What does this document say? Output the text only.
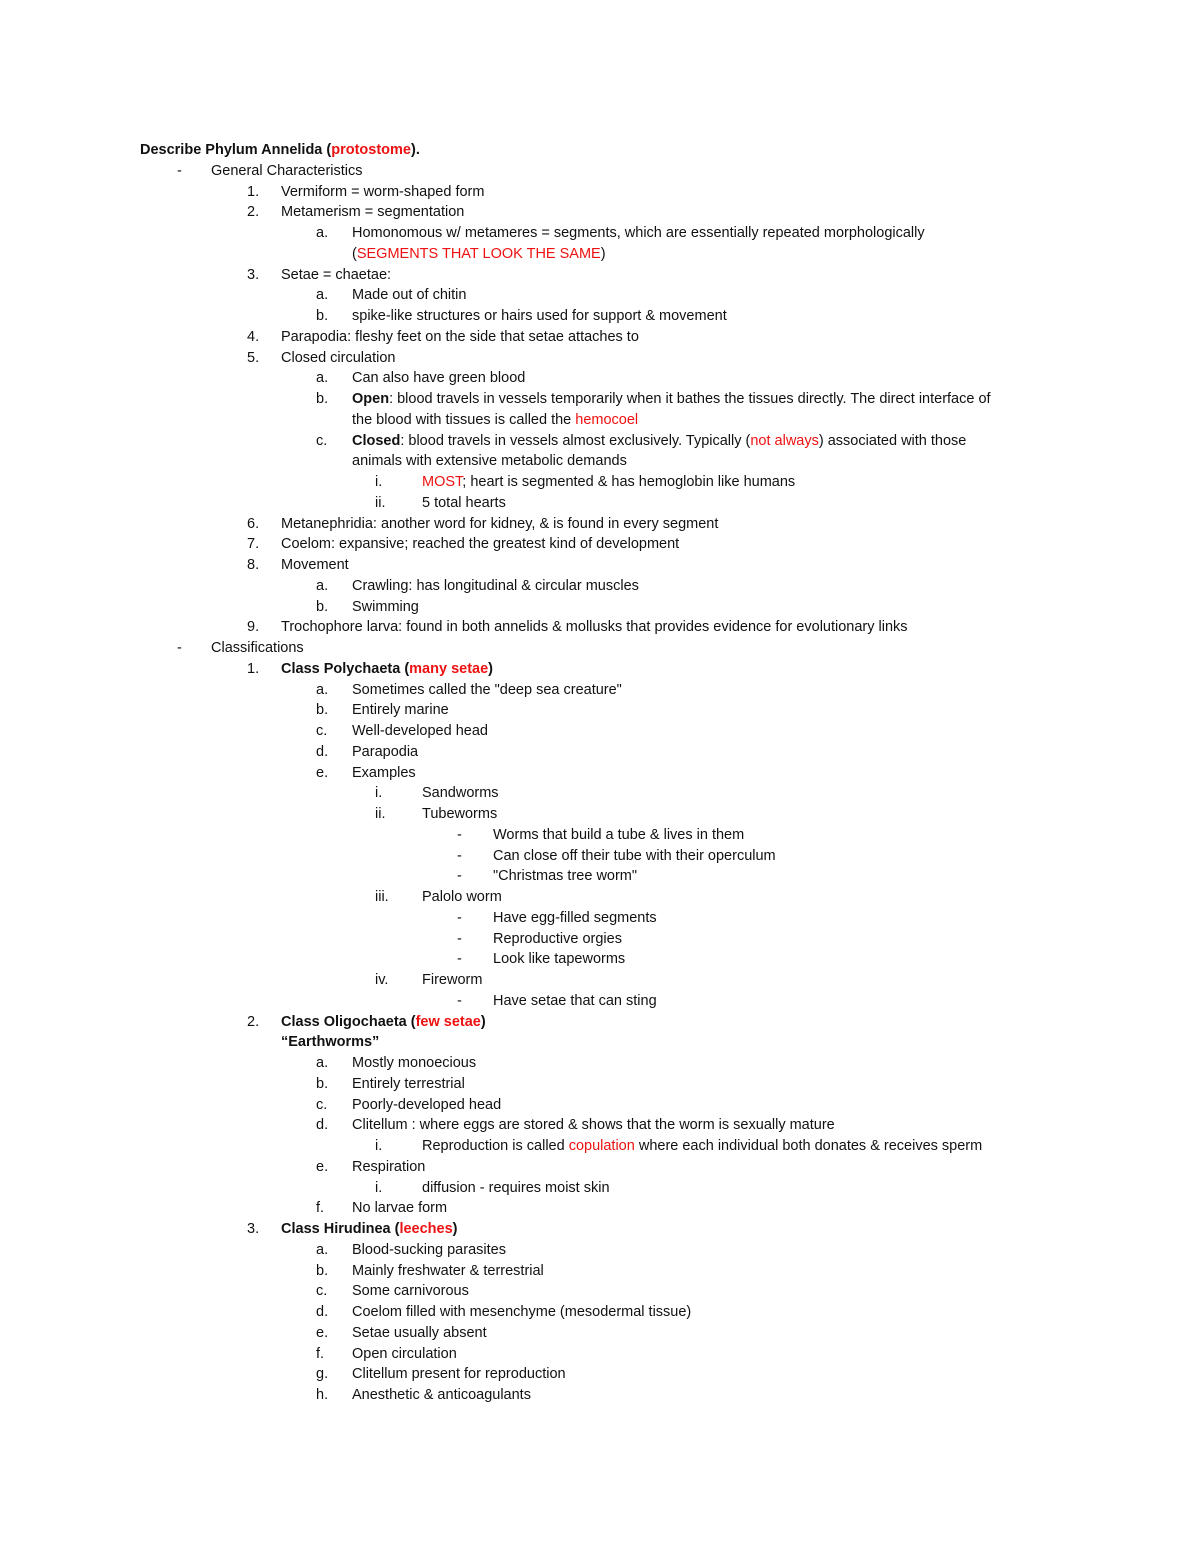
Describe Phylum Annelida (protostome).
- General Characteristics
1. Vermiform = worm-shaped form
2. Metamerism = segmentation
a. Homonomous w/ metameres = segments, which are essentially repeated morphologically
(SEGMENTS THAT LOOK THE SAME)
3. Setae = chaetae:
a. Made out of chitin
b. spike-like structures or hairs used for support & movement
4. Parapodia: fleshy feet on the side that setae attaches to
5. Closed circulation
a. Can also have green blood
b. Open: blood travels in vessels temporarily when it bathes the tissues directly. The direct interface of
the blood with tissues is called the hemocoel
c. Closed: blood travels in vessels almost exclusively. Typically (not always) associated with those
animals with extensive metabolic demands
i.	MOST; heart is segmented & has hemoglobin like humans
ii.	5 total hearts
6. Metanephridia: another word for kidney, & is found in every segment
7. Coelom: expansive; reached the greatest kind of development
8. Movement
a. Crawling: has longitudinal & circular muscles
b. Swimming
9. Trochophore larva: found in both annelids & mollusks that provides evidence for evolutionary links
- Classifications
1. Class Polychaeta (many setae)
a. Sometimes called the "deep sea creature"
b. Entirely marine
c. Well-developed head
d. Parapodia
e. Examples
i.	Sandworms
ii.	Tubeworms
- Worms that build a tube & lives in them
- Can close off their tube with their operculum
- "Christmas tree worm"
iii. Palolo worm
- Have egg-filled segments
- Reproductive orgies
- Look like tapeworms
iv. Fireworm
- Have setae that can sting
2. Class Oligochaeta (few setae)
“Earthworms”
a. Mostly monoecious
b. Entirely terrestrial
c. Poorly-developed head
d. Clitellum : where eggs are stored & shows that the worm is sexually mature
i.	Reproduction is called copulation where each individual both donates & receives sperm
e. Respiration
i.	diffusion - requires moist skin
f. No larvae form
3. Class Hirudinea (leeches)
a. Blood-sucking parasites
b. Mainly freshwater & terrestrial
c. Some carnivorous
d. Coelom filled with mesenchyme (mesodermal tissue)
e. Setae usually absent
f. Open circulation
g. Clitellum present for reproduction
h. Anesthetic & anticoagulants
